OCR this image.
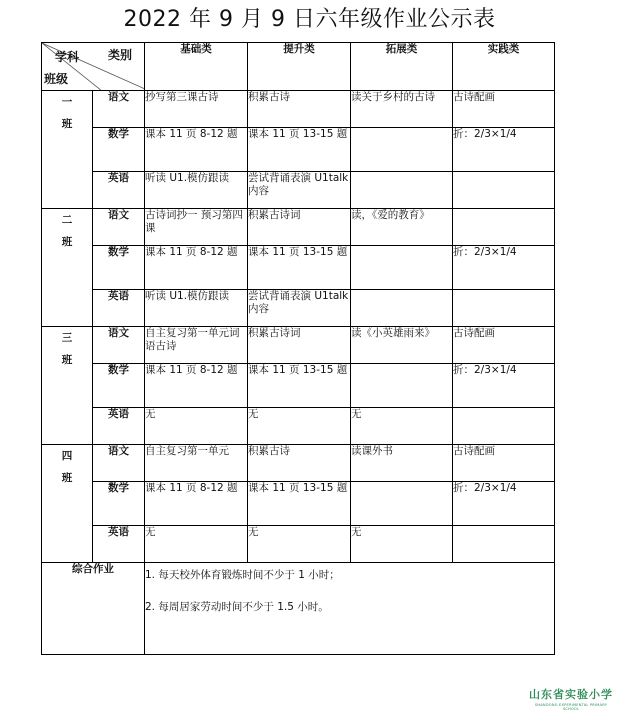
2022 年 9 月 9 日六年级作业公示表
类别
学科
班级		基础类	提升类	拓展类	实践类

一
班	语文	抄写第三课古诗	积累古诗	读关于乡村的古诗	古诗配画
	数学	课本 11 页 8-12 题	课本 11 页 13-15 题		折：2/3×1/4
	英语	听读 U1.模仿跟读	尝试背诵表演 U1talk 内容		

二
班	语文	古诗词抄一 预习第四课	积累古诗词	读，《爱的教育》	
	数学	课本 11 页 8-12 题	课本 11 页 13-15 题		折：2/3×1/4
	英语	听读 U1.模仿跟读	尝试背诵表演 U1talk 内容		

三
班	语文	自主复习第一单元词语古诗	积累古诗词	读《小英雄雨来》	古诗配画
	数学	课本 11 页 8-12 题	课本 11 页 13-15 题		折：2/3×1/4
	英语	无	无	无	

四
班	语文	自主复习第一单元	积累古诗	读课外书	古诗配画
	数学	课本 11 页 8-12 题	课本 11 页 13-15 题		折：2/3×1/4
	英语	无	无	无	
综合作业		1. 每天校外体育锻炼时间不少于 1 小时；
2. 每周居家劳动时间不少于 1.5 小时。			
山东省实验小学
SHANDONG EXPERIMENTAL PRIMARY SCHOOL
